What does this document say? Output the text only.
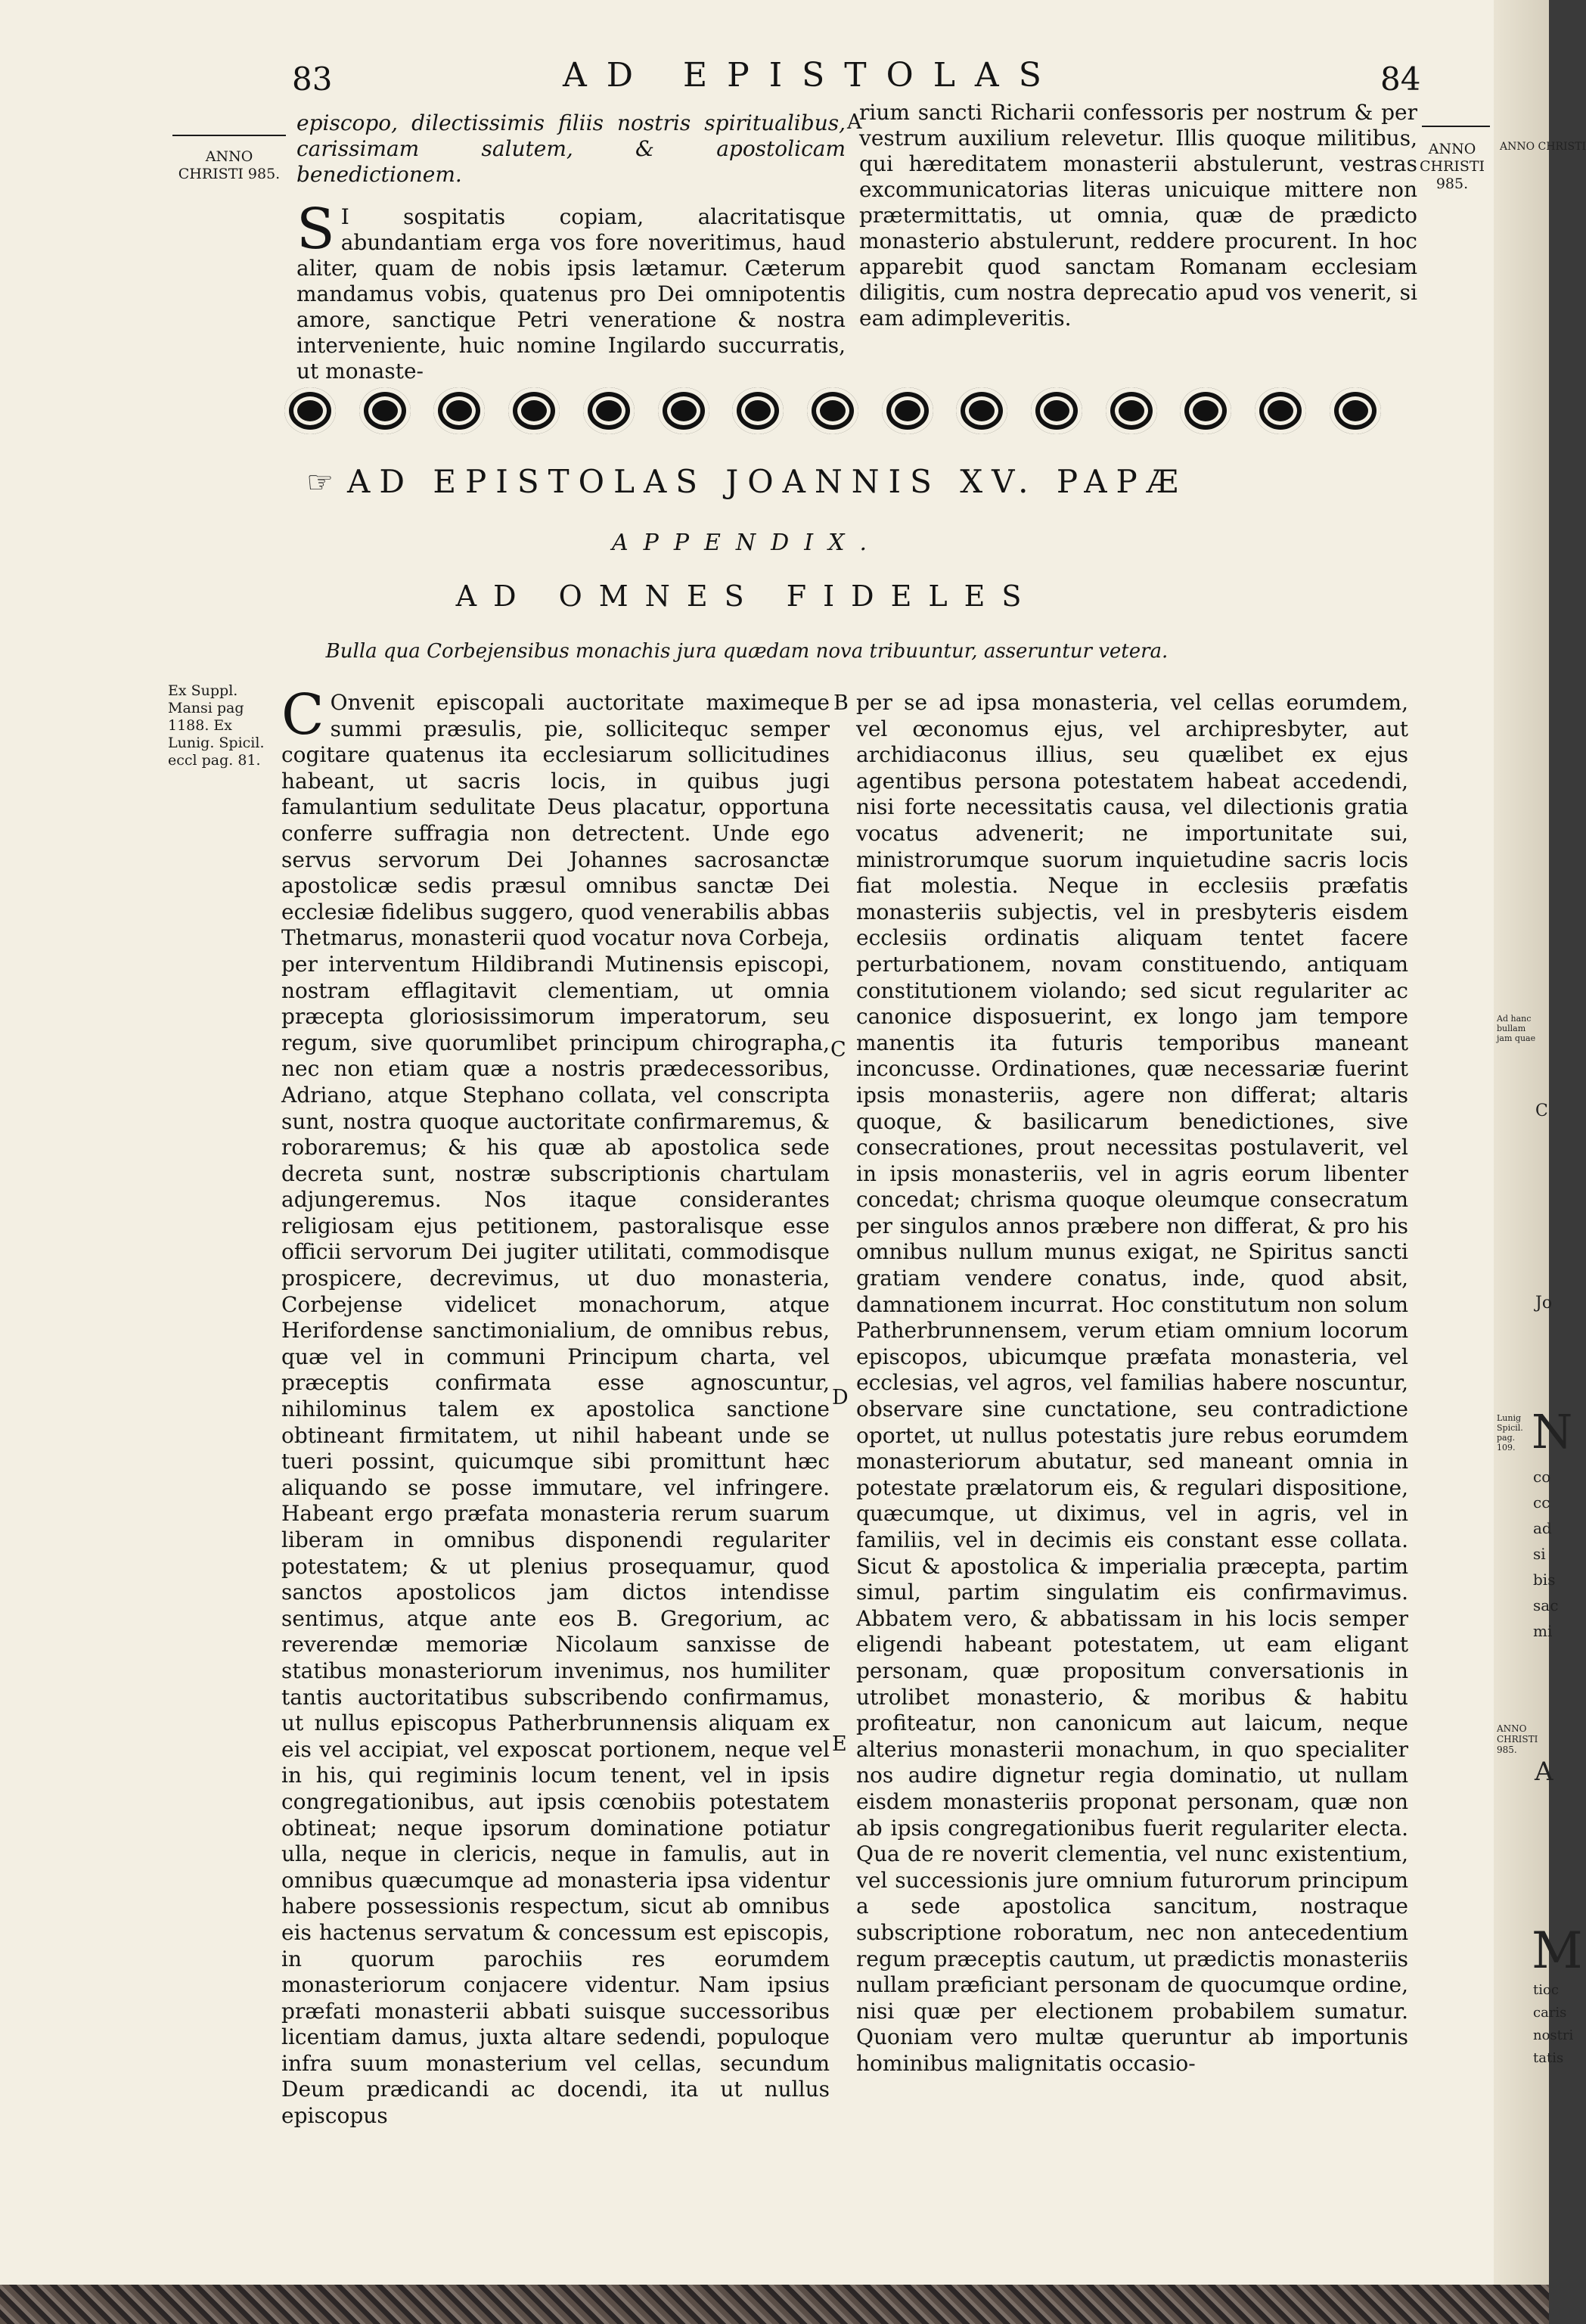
83	AD EPISTOLAS	84
ANNO CHRISTI 985.
ANNO CHRISTI 985.

episcopo, dilectissimis filiis nostris spiritualibus, carissimam salutem, & apostolicam benedictionem.

S I sospitatis copiam, alacritatisque abundantiam erga vos fore noveritimus, haud aliter, quam de nobis ipsis lætamur. Cæterum mandamus vobis, quatenus pro Dei omnipotentis amore, sanctique Petri veneratione & nostra interveniente, huic nomine Ingilardo succurratis, ut monaste-

A

rium sancti Richarii confessoris per nostrum & per vestrum auxilium relevetur. Illis quoque militibus, qui hæreditatem monasterii abstulerunt, vestras excommunicatorias literas unicuique mittere non prætermittatis, ut omnia, quæ de prædicto monasterio abstulerunt, reddere procurent. In hoc apparebit quod sanctam Romanam ecclesiam diligitis, cum nostra deprecatio apud vos venerit, si eam adimpleveritis.

☞ AD EPISTOLAS JOANNIS XV. PAPÆ
APPENDIX.
AD OMNES FIDELES
Bulla qua Corbejensibus monachis jura quædam nova tribuuntur, asseruntur vetera.
Ex Suppl. Mansi pag 1188. Ex Lunig. Spicil. eccl pag. 81.

C Onvenit episcopali auctoritate maximeque summi præsulis, pie, sollicitequc semper cogitare quatenus ita ecclesiarum sollicitudines habeant, ut sacris locis, in quibus jugi famulantium sedulitate Deus placatur, opportuna conferre suffragia non detrectent. Unde ego servus servorum Dei Johannes sacrosanctæ apostolicæ sedis præsul omnibus sanctæ Dei ecclesiæ fidelibus suggero, quod venerabilis abbas Thetmarus, monasterii quod vocatur nova Corbeja, per interventum Hildibrandi Mutinensis episcopi, nostram efflagitavit clementiam, ut omnia præcepta gloriosissimorum imperatorum, seu regum, sive quorumlibet principum chirographa, nec non etiam quæ a nostris prædecessoribus, Adriano, atque Stephano collata, vel conscripta sunt, nostra quoque auctoritate confirmaremus, & roboraremus; & his quæ ab apostolica sede decreta sunt, nostræ subscriptionis chartulam adjungeremus. Nos itaque considerantes religiosam ejus petitionem, pastoralisque esse officii servorum Dei jugiter utilitati, commodisque prospicere, decrevimus, ut duo monasteria, Corbejense videlicet monachorum, atque Herifordense sanctimonialium, de omnibus rebus, quæ vel in communi Principum charta, vel præceptis confirmata esse agnoscuntur, nihilominus talem ex apostolica sanctione obtineant firmitatem, ut nihil habeant unde se tueri possint, quicumque sibi promittunt hæc aliquando se posse immutare, vel infringere. Habeant ergo præfata monasteria rerum suarum liberam in omnibus disponendi regulariter potestatem; & ut plenius prosequamur, quod sanctos apostolicos jam dictos intendisse sentimus, atque ante eos B. Gregorium, ac reverendæ memoriæ Nicolaum sanxisse de statibus monasteriorum invenimus, nos humiliter tantis auctoritatibus subscribendo confirmamus, ut nullus episcopus Patherbrunnensis aliquam ex eis vel accipiat, vel exposcat portionem, neque vel in his, qui regiminis locum tenent, vel in ipsis congregationibus, aut ipsis cœnobiis potestatem obtineat; neque ipsorum dominatione potiatur ulla, neque in clericis, neque in famulis, aut in omnibus quæcumque ad monasteria ipsa videntur habere possessionis respectum, sicut ab omnibus eis hactenus servatum & concessum est episcopis, in quorum parochiis res eorumdem monasteriorum conjacere videntur. Nam ipsius præfati monasterii abbati suisque successoribus licentiam damus, juxta altare sedendi, populoque infra suum monasterium vel cellas, secundum Deum prædicandi ac docendi, ita ut nullus episcopus

B
C
D
E

per se ad ipsa monasteria, vel cellas eorumdem, vel œconomus ejus, vel archipresbyter, aut archidiaconus illius, seu quælibet ex ejus agentibus persona potestatem habeat accedendi, nisi forte necessitatis causa, vel dilectionis gratia vocatus advenerit; ne importunitate sui, ministrorumque suorum inquietudine sacris locis fiat molestia. Neque in ecclesiis præfatis monasteriis subjectis, vel in presbyteris eisdem ecclesiis ordinatis aliquam tentet facere perturbationem, novam constituendo, antiquam constitutionem violando; sed sicut regulariter ac canonice disposuerint, ex longo jam tempore manentis ita futuris temporibus maneant inconcusse. Ordinationes, quæ necessariæ fuerint ipsis monasteriis, agere non differat; altaris quoque, & basilicarum benedictiones, sive consecrationes, prout necessitas postulaverit, vel in ipsis monasteriis, vel in agris eorum libenter concedat; chrisma quoque oleumque consecratum per singulos annos præbere non differat, & pro his omnibus nullum munus exigat, ne Spiritus sancti gratiam vendere conatus, inde, quod absit, damnationem incurrat. Hoc constitutum non solum Patherbrunnensem, verum etiam omnium locorum episcopos, ubicumque præfata monasteria, vel ecclesias, vel agros, vel familias habere noscuntur, observare sine cunctatione, seu contradictione oportet, ut nullus potestatis jure rebus eorumdem monasteriorum abutatur, sed maneant omnia in potestate prælatorum eis, & regulari dispositione, quæcumque, ut diximus, vel in agris, vel in familiis, vel in decimis eis constant esse collata. Sicut & apostolica & imperialia præcepta, partim simul, partim singulatim eis confirmavimus. Abbatem vero, & abbatissam in his locis semper eligendi habeant potestatem, ut eam eligant personam, quæ propositum conversationis in utrolibet monasterio, & moribus & habitu profiteatur, non canonicum aut laicum, neque alterius monasterii monachum, in quo specialiter nos audire dignetur regia dominatio, ut nullam eisdem monasteriis proponat personam, quæ non ab ipsis congregationibus fuerit regulariter electa. Qua de re noverit clementia, vel nunc existentium, vel successionis jure omnium futurorum principum a sede apostolica sancitum, nostraque subscriptione roboratum, nec non antecedentium regum præceptis cautum, ut prædictis monasteriis nullam præficiant personam de quocumque ordine, nisi quæ per electionem probabilem sumatur. Quoniam vero multæ queruntur ab importunis hominibus malignitatis occasio-

ANNO CHRISTI
Ad hanc bullam jam quae
Lunig Spicil. pag. 109.
ANNO CHRISTI 985.
C
Jo
N
co
cc
ad
si
bis
sac
mi
A
M
tioc
caris
nostri
tatis
